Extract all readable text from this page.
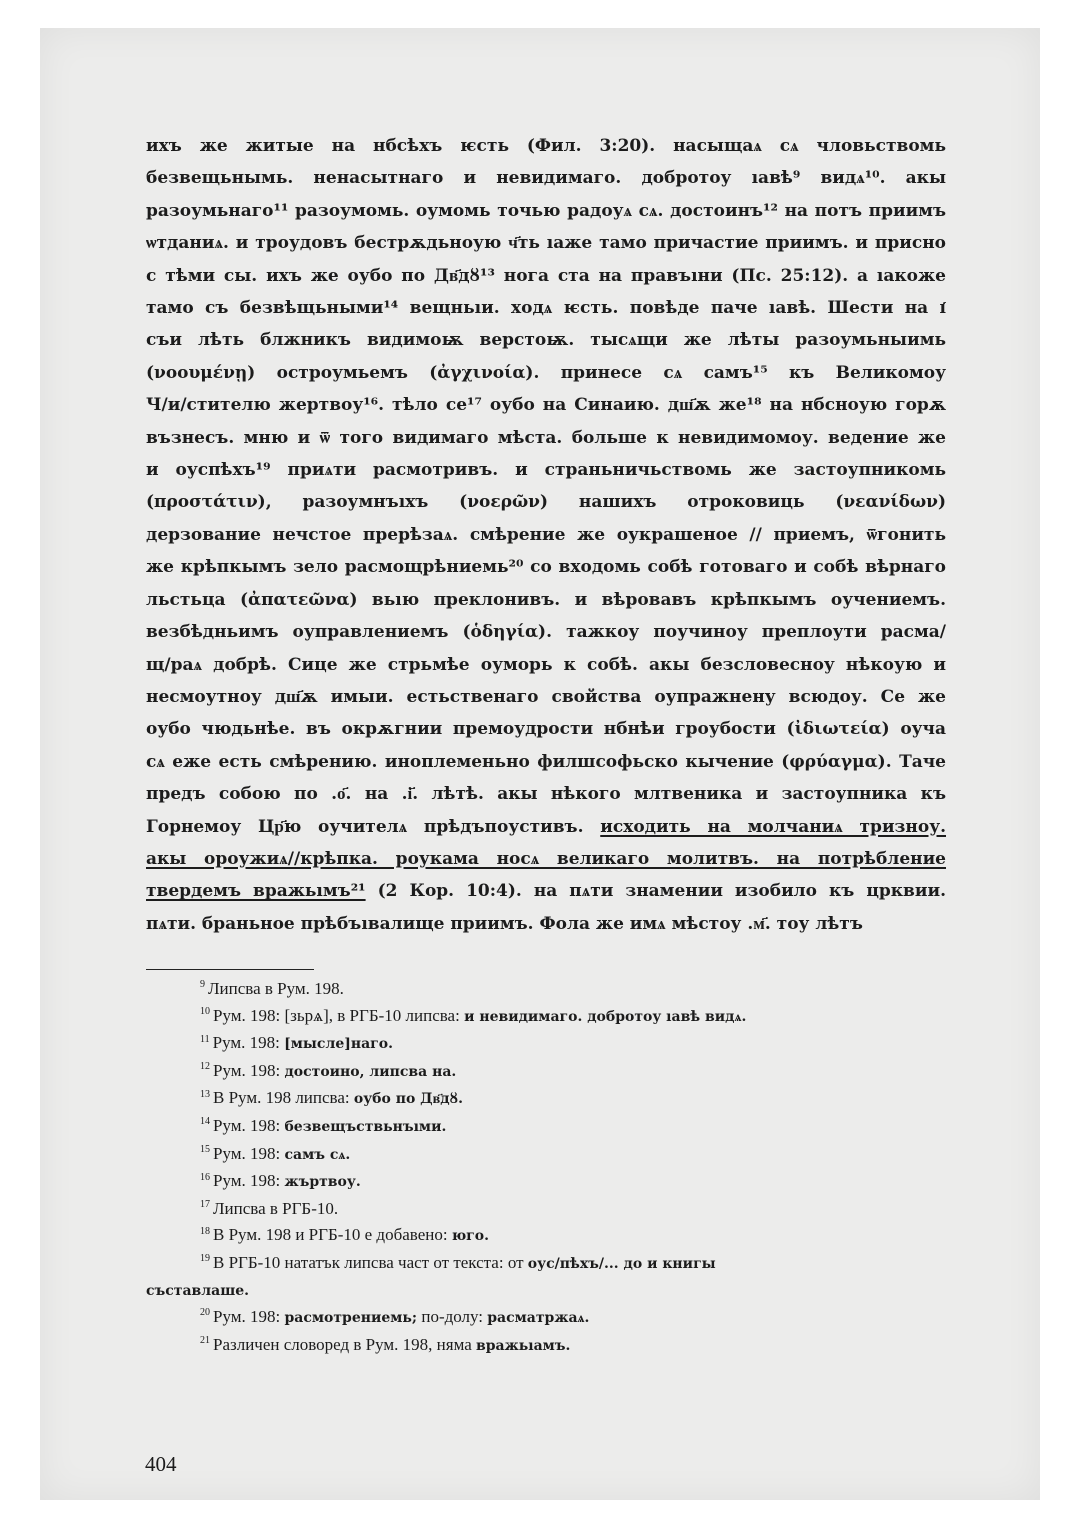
ихъ же житые на нбсѣхъ ѥсть (Фил. 3:20). насыщаѧ сѧ чловьствомь
безвещьнымь. ненасытнаго и невидимаго. добротоу ıавѣ⁹ видѧ¹⁰. акы
разоумьнаго¹¹ разоумомь. оумомь точью радоуѧ сѧ. достоинъ¹² на потъ приимъ
ѡтданиѧ. и троудовъ бестрѫдьноую ч҃ть ıаже тамо причастие приимъ. и присно
с тѣми сы. ихъ же оубо по Дв҃дȣ¹³ нога ста на правъıни (Пс. 25:12). а ıакоже
тамо съ безвѣщьными¹⁴ вещньıи. ходѧ ѥсть. повѣде паче ıавѣ. Шести на ı҃
съи лѣть блжникъ видимоѭ верстоѭ. тысѧщи же лѣты разоумьныимь
(νοουμένῃ) остроумьемъ (ἀγχινοία). принесе сѧ самъ¹⁵ къ Великомоу
Ч/и/стителю жертвоу¹⁶. тѣло се¹⁷ оубо на Синаию. дш҃ѫ же¹⁸ на нбсноую горѫ
възнесъ. мню и ѿ того видимаго мѣста. больше к невидимомоу. ведение же
и оуспѣхъ¹⁹ приѧти расмотривъ. и страньничьствомь же застоупникомь
(προστάτιν), разоумнъıхъ (νοερῶν) нашихъ отроковиць (νεανίδων)
дерзование нечстое прерѣзаѧ. смѣрение же оукрашеное // приемъ, ѿгонить
же крѣпкымъ зело расмощрѣниемь²⁰ со входомь собѣ готоваго и собѣ вѣрнаго
льстьца (ἀπατεῶνα) вьıю преклонивъ. и вѣровавъ крѣпкымъ оучениемъ.
везбѣдньимъ оуправлениемъ (ὁδηγία). тажкоу поучиноу преплоути расма/
щ/раѧ добрѣ. Сице же стрьмѣе оумоpь к собѣ. акы безсловесноу нѣкоую и
несмоутноу дш҃ѫ имыи. естьственаго свойства оупражнену всюдоу. Се же
оубо чюдьнѣе. въ окрѫгнии премоудрости нбнѣи гроубости (ἰδιωτεία) оуча
сѧ еже есть смѣрению. иноплеменьно филшсофьско кычение (φρύαγμα). Таче
предъ собою по .о҃. на .і҃. лѣтѣ. акы нѣкого млтвеника и застоупника къ
Горнемоу Цр҃ю оучителѧ прѣдъпоустивъ. исходить на молчаниѧ тризноу.
акы ороужиѧ//крѣпка. роукама носѧ великаго молитвъ. на потрѣбление
твердемъ вражьıмъ²¹ (2 Кор. 10:4). на пѧти знамении изобило къ црквии.
пѧти. браньное прѣбъıвалище приимъ. Фола же имѧ мѣстоу .м҃. тоу лѣтъ
$^9$ Липсва в Рум. 198.
$^{10}$ Рум. 198: [зьрѧ], в РГБ-10 липсва: и невидимаго. добротоу ıавѣ видѧ.
$^{11}$ Рум. 198: [мысле]наго.
$^{12}$ Рум. 198: достоино, липсва на.
$^{13}$ В Рум. 198 липсва: оубо по Дв҃дȣ.
$^{14}$ Рум. 198: безвещъствьнъıми.
$^{15}$ Рум. 198: самъ сѧ.
$^{16}$ Рум. 198: жъртвоу.
$^{17}$ Липсва в РГБ-10.
$^{18}$ В Рум. 198 и РГБ-10 е добавено: юго.
$^{19}$ В РГБ-10 нататък липсва част от текста: от оус/пѣхъ/... до и книгы
съставлаше.
$^{20}$ Рум. 198: расмотрениемь; по-долу: расматржаѧ.
$^{21}$ Различен словоред в Рум. 198, няма вражьıамъ.
404
